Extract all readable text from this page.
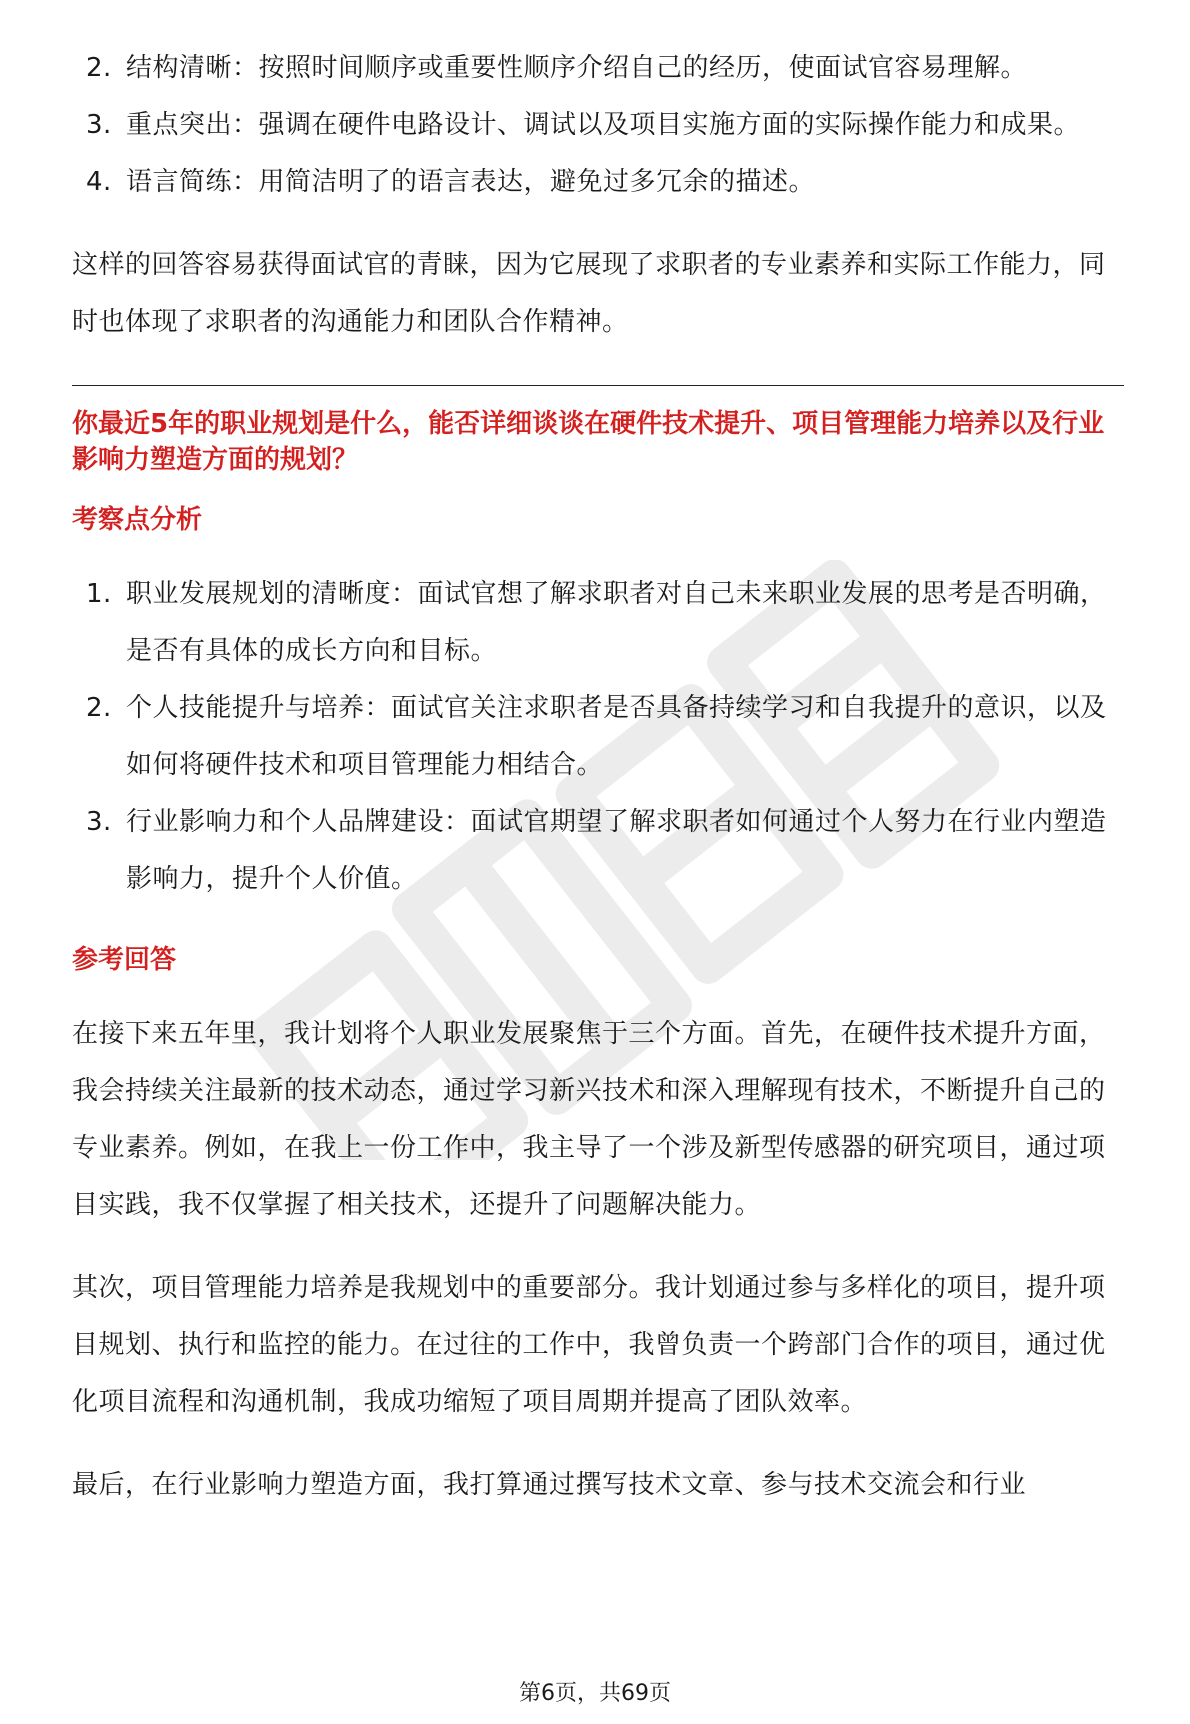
2. 结构清晰：按照时间顺序或重要性顺序介绍自己的经历，使面试官容易理解。
3. 重点突出：强调在硬件电路设计、调试以及项目实施方面的实际操作能力和成果。
4. 语言简练：用简洁明了的语言表达，避免过多冗余的描述。

这样的回答容易获得面试官的青睐，因为它展现了求职者的专业素养和实际工作能力，同时也体现了求职者的沟通能力和团队合作精神。

你最近5年的职业规划是什么，能否详细谈谈在硬件技术提升、项目管理能力培养以及行业影响力塑造方面的规划？

考察点分析

1. 职业发展规划的清晰度：面试官想了解求职者对自己未来职业发展的思考是否明确，是否有具体的成长方向和目标。
2. 个人技能提升与培养：面试官关注求职者是否具备持续学习和自我提升的意识，以及如何将硬件技术和项目管理能力相结合。
3. 行业影响力和个人品牌建设：面试官期望了解求职者如何通过个人努力在行业内塑造影响力，提升个人价值。

参考回答

在接下来五年里，我计划将个人职业发展聚焦于三个方面。首先，在硬件技术提升方面，我会持续关注最新的技术动态，通过学习新兴技术和深入理解现有技术，不断提升自己的专业素养。例如，在我上一份工作中，我主导了一个涉及新型传感器的研究项目，通过项目实践，我不仅掌握了相关技术，还提升了问题解决能力。

其次，项目管理能力培养是我规划中的重要部分。我计划通过参与多样化的项目，提升项目规划、执行和监控的能力。在过往的工作中，我曾负责一个跨部门合作的项目，通过优化项目流程和沟通机制，我成功缩短了项目周期并提高了团队效率。

最后，在行业影响力塑造方面，我打算通过撰写技术文章、参与技术交流会和行业

第6页，共69页
